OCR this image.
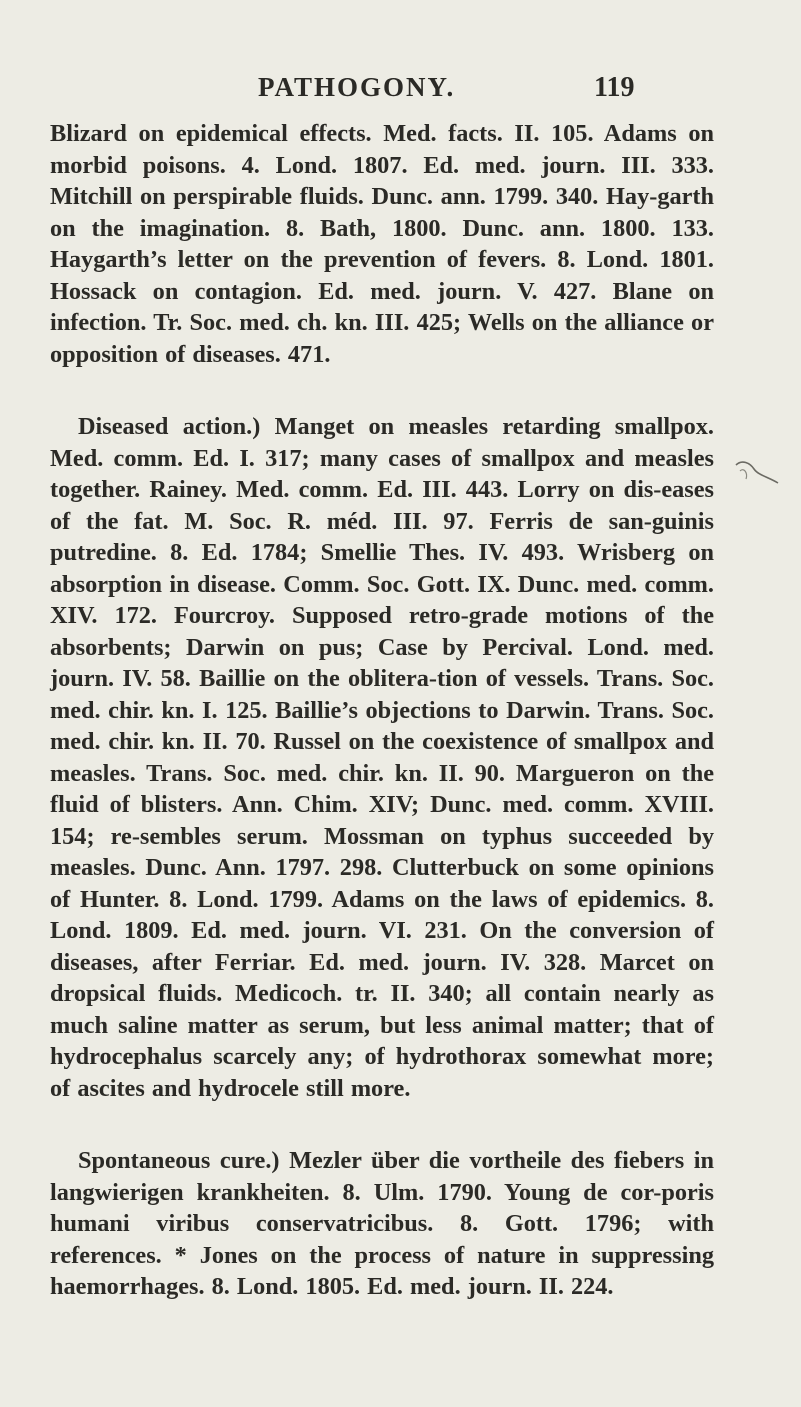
PATHOGONY.	119

Blizard on epidemical effects. Med. facts. II. 105. Adams on morbid poisons. 4. Lond. 1807. Ed. med. journ. III. 333. Mitchill on perspirable fluids. Dunc. ann. 1799. 340. Hay-garth on the imagination. 8. Bath, 1800. Dunc. ann. 1800. 133. Haygarth’s letter on the prevention of fevers. 8. Lond. 1801. Hossack on contagion. Ed. med. journ. V. 427. Blane on infection. Tr. Soc. med. ch. kn. III. 425; Wells on the alliance or opposition of diseases. 471.

Diseased action.) Manget on measles retarding smallpox. Med. comm. Ed. I. 317; many cases of smallpox and measles together. Rainey. Med. comm. Ed. III. 443. Lorry on dis-eases of the fat. M. Soc. R. méd. III. 97. Ferris de san-guinis putredine. 8. Ed. 1784; Smellie Thes. IV. 493. Wrisberg on absorption in disease. Comm. Soc. Gott. IX. Dunc. med. comm. XIV. 172. Fourcroy. Supposed retro-grade motions of the absorbents; Darwin on pus; Case by Percival. Lond. med. journ. IV. 58. Baillie on the oblitera-tion of vessels. Trans. Soc. med. chir. kn. I. 125. Baillie’s objections to Darwin. Trans. Soc. med. chir. kn. II. 70. Russel on the coexistence of smallpox and measles. Trans. Soc. med. chir. kn. II. 90. Margueron on the fluid of blisters. Ann. Chim. XIV; Dunc. med. comm. XVIII. 154; re-sembles serum. Mossman on typhus succeeded by measles. Dunc. Ann. 1797. 298. Clutterbuck on some opinions of Hunter. 8. Lond. 1799. Adams on the laws of epidemics. 8. Lond. 1809. Ed. med. journ. VI. 231. On the conversion of diseases, after Ferriar. Ed. med. journ. IV. 328. Marcet on dropsical fluids. Medicoch. tr. II. 340; all contain nearly as much saline matter as serum, but less animal matter; that of hydrocephalus scarcely any; of hydrothorax somewhat more; of ascites and hydrocele still more.

Spontaneous cure.) Mezler über die vortheile des fiebers in langwierigen krankheiten. 8. Ulm. 1790. Young de cor-poris humani viribus conservatricibus. 8. Gott. 1796; with references. * Jones on the process of nature in suppressing haemorrhages. 8. Lond. 1805. Ed. med. journ. II. 224.
